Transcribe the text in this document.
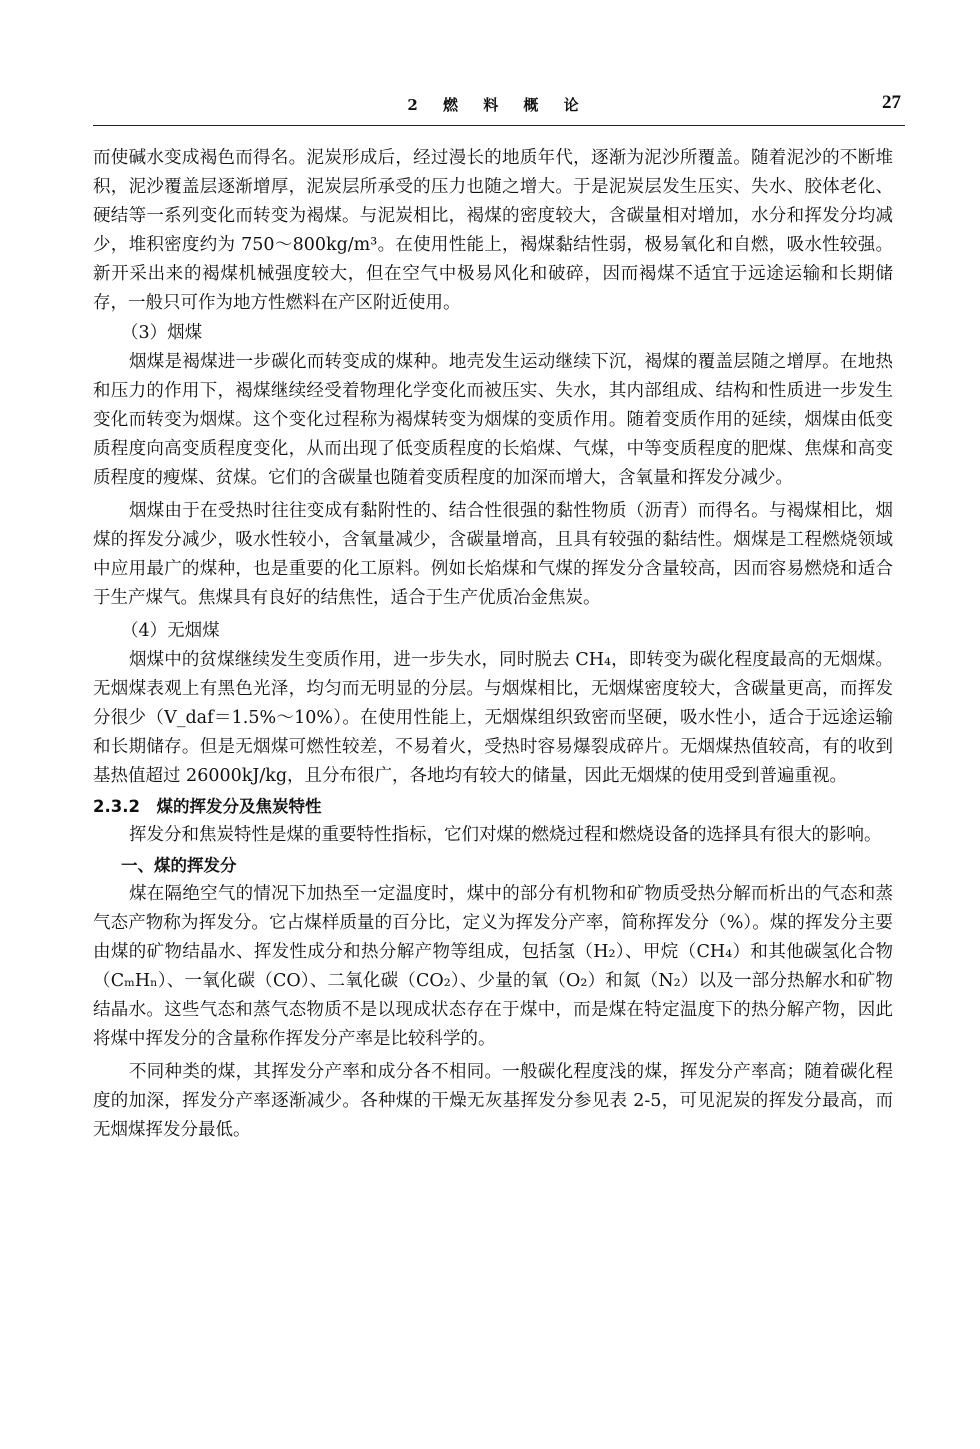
2 燃 料 概 论	27

而使碱水变成褐色而得名。泥炭形成后，经过漫长的地质年代，逐渐为泥沙所覆盖。随着泥沙的不断堆积，泥沙覆盖层逐渐增厚，泥炭层所承受的压力也随之增大。于是泥炭层发生压实、失水、胶体老化、硬结等一系列变化而转变为褐煤。与泥炭相比，褐煤的密度较大，含碳量相对增加，水分和挥发分均减少，堆积密度约为 750～800kg/m³。在使用性能上，褐煤黏结性弱，极易氧化和自燃，吸水性较强。新开采出来的褐煤机械强度较大，但在空气中极易风化和破碎，因而褐煤不适宜于远途运输和长期储存，一般只可作为地方性燃料在产区附近使用。

（3）烟煤

烟煤是褐煤进一步碳化而转变成的煤种。地壳发生运动继续下沉，褐煤的覆盖层随之增厚。在地热和压力的作用下，褐煤继续经受着物理化学变化而被压实、失水，其内部组成、结构和性质进一步发生变化而转变为烟煤。这个变化过程称为褐煤转变为烟煤的变质作用。随着变质作用的延续，烟煤由低变质程度向高变质程度变化，从而出现了低变质程度的长焰煤、气煤，中等变质程度的肥煤、焦煤和高变质程度的瘦煤、贫煤。它们的含碳量也随着变质程度的加深而增大，含氧量和挥发分减少。

烟煤由于在受热时往往变成有黏附性的、结合性很强的黏性物质（沥青）而得名。与褐煤相比，烟煤的挥发分减少，吸水性较小，含氧量减少，含碳量增高，且具有较强的黏结性。烟煤是工程燃烧领域中应用最广的煤种，也是重要的化工原料。例如长焰煤和气煤的挥发分含量较高，因而容易燃烧和适合于生产煤气。焦煤具有良好的结焦性，适合于生产优质冶金焦炭。

（4）无烟煤

烟煤中的贫煤继续发生变质作用，进一步失水，同时脱去 CH₄，即转变为碳化程度最高的无烟煤。无烟煤表观上有黑色光泽，均匀而无明显的分层。与烟煤相比，无烟煤密度较大，含碳量更高，而挥发分很少（V_daf＝1.5%～10%）。在使用性能上，无烟煤组织致密而坚硬，吸水性小，适合于远途运输和长期储存。但是无烟煤可燃性较差，不易着火，受热时容易爆裂成碎片。无烟煤热值较高，有的收到基热值超过 26000kJ/kg，且分布很广，各地均有较大的储量，因此无烟煤的使用受到普遍重视。

2.3.2　煤的挥发分及焦炭特性

挥发分和焦炭特性是煤的重要特性指标，它们对煤的燃烧过程和燃烧设备的选择具有很大的影响。

一、煤的挥发分

煤在隔绝空气的情况下加热至一定温度时，煤中的部分有机物和矿物质受热分解而析出的气态和蒸气态产物称为挥发分。它占煤样质量的百分比，定义为挥发分产率，简称挥发分（%）。煤的挥发分主要由煤的矿物结晶水、挥发性成分和热分解产物等组成，包括氢（H₂）、甲烷（CH₄）和其他碳氢化合物（CₘHₙ）、一氧化碳（CO）、二氧化碳（CO₂）、少量的氧（O₂）和氮（N₂）以及一部分热解水和矿物结晶水。这些气态和蒸气态物质不是以现成状态存在于煤中，而是煤在特定温度下的热分解产物，因此将煤中挥发分的含量称作挥发分产率是比较科学的。

不同种类的煤，其挥发分产率和成分各不相同。一般碳化程度浅的煤，挥发分产率高；随着碳化程度的加深，挥发分产率逐渐减少。各种煤的干燥无灰基挥发分参见表 2-5，可见泥炭的挥发分最高，而无烟煤挥发分最低。
